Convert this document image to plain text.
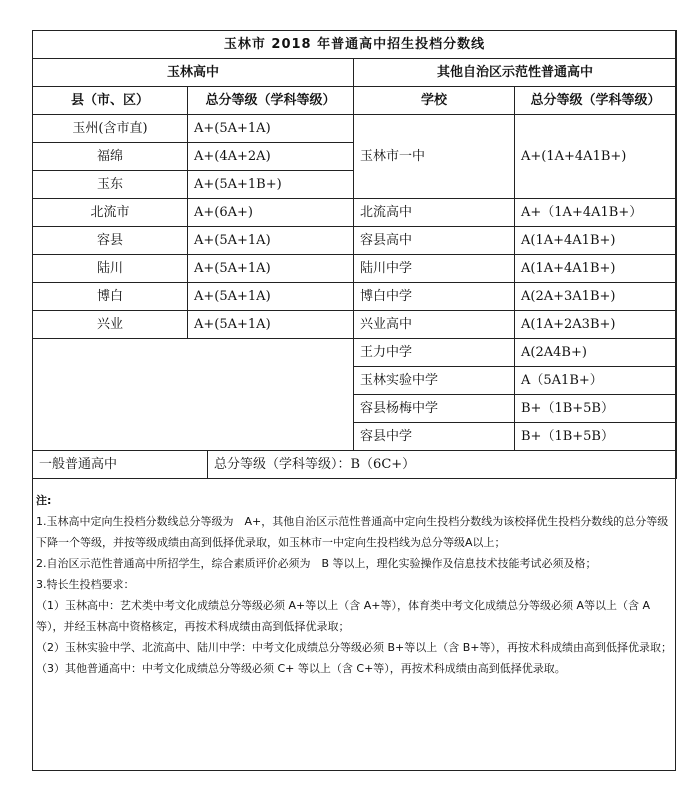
玉林市 2018 年普通高中招生投档分数线				
玉林高中			其他自治区示范性普通高中	
县（市、区）	总分等级（学科等级）		学校	总分等级（学科等级）
玉州(含市直)	A+(5A+1A)		玉林市一中	A+(1A+4A1B+)
福绵	A+(4A+2A)			
玉东	A+(5A+1B+)			
北流市	A+(6A+)		北流高中	A+（1A+4A1B+）
容县	A+(5A+1A)		容县高中	A(1A+4A1B+)
陆川	A+(5A+1A)		陆川中学	A(1A+4A1B+)
博白	A+(5A+1A)		博白中学	A(2A+3A1B+)
兴业	A+(5A+1A)		兴业高中	A(1A+2A3B+)
			王力中学	A(2A4B+)
			玉林实验中学	A（5A1B+）
			容县杨梅中学	B+（1B+5B）
			容县中学	B+（1B+5B）
一般普通高中		总分等级（学科等级）：B（6C+）		

注:

1.玉林高中定向生投档分数线总分等级为　A+，其他自治区示范性普通高中定向生投档分数线为该校择优生投档分数线的总分等级下降一个等级，并按等级成绩由高到低择优录取，如玉林市一中定向生投档线为总分等级A以上；

2.自治区示范性普通高中所招学生，综合素质评价必须为　B 等以上，理化实验操作及信息技术技能考试必须及格；

3.特长生投档要求：

（1）玉林高中：艺术类中考文化成绩总分等级必须 A+等以上（含 A+等），体育类中考文化成绩总分等级必须 A等以上（含 A等），并经玉林高中资格核定，再按术科成绩由高到低择优录取；

（2）玉林实验中学、北流高中、陆川中学：中考文化成绩总分等级必须 B+等以上（含 B+等），再按术科成绩由高到低择优录取；

（3）其他普通高中：中考文化成绩总分等级必须 C+ 等以上（含 C+等），再按术科成绩由高到低择优录取。
